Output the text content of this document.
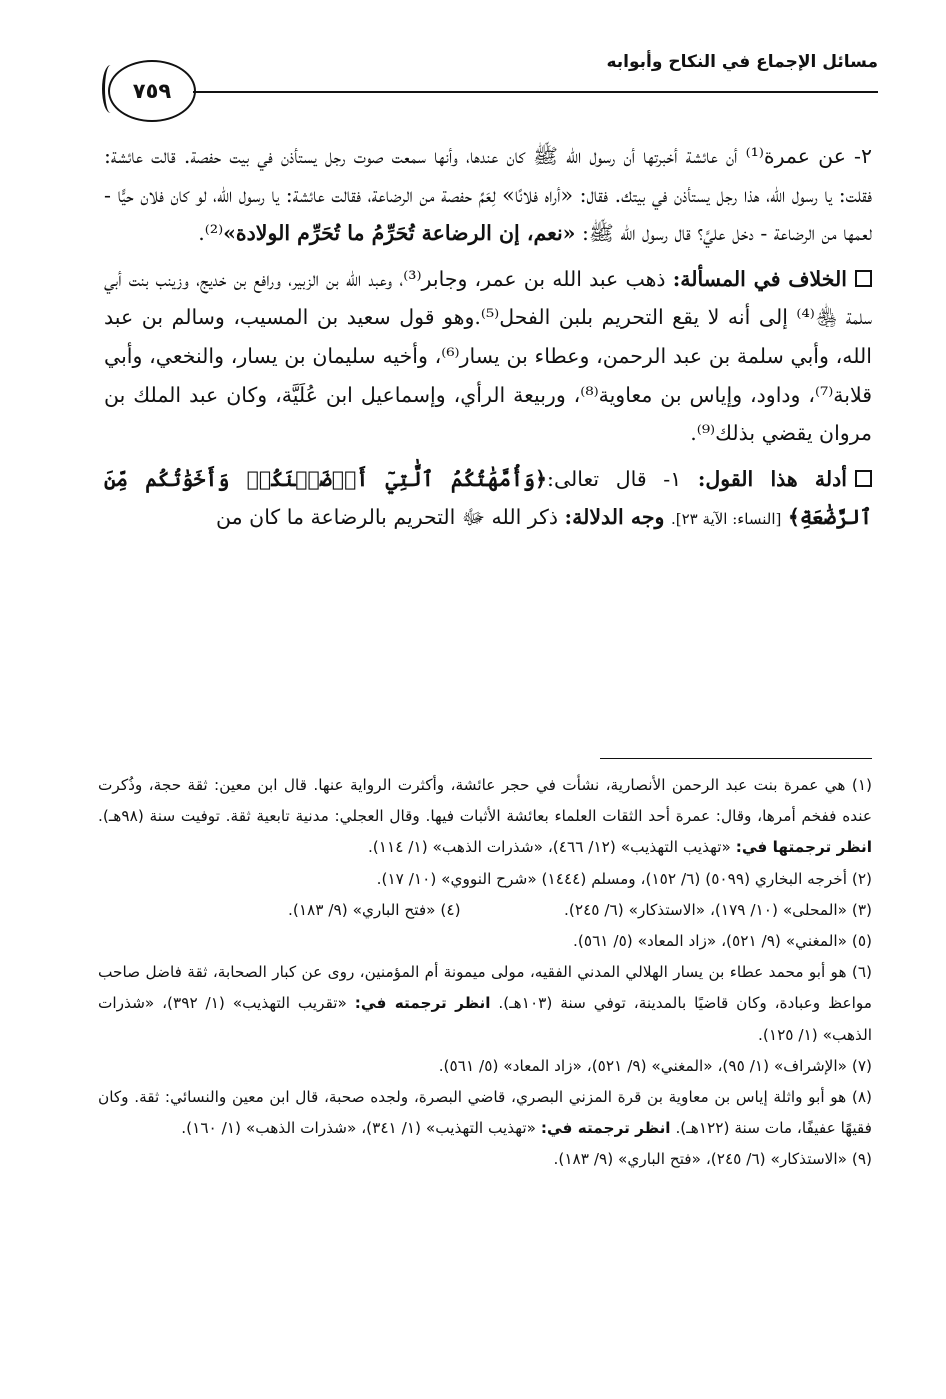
مسائل الإجماع في النكاح وأبوابه
٧٥٩

٢- عن عمرة⁽¹⁾ أن عائشة أخبرتها أن رسول الله ﷺ كان عندها، وأنها سمعت صوت رجل يستأذن في بيت حفصة. قالت عائشة: فقلت: يا رسول الله، هذا رجل يستأذن في بيتك. فقال: «أراه فلانًا» لِعَمِّ حفصة من الرضاعة، فقالت عائشة: يا رسول الله، لو كان فلان حيًّا - لعمها من الرضاعة - دخل عليَّ؟ قال رسول الله ﷺ: «نعم، إن الرضاعة تُحَرِّمُ ما تُحَرِّم الولادة»⁽²⁾.

الخلاف في المسألة: ذهب عبد الله بن عمر، وجابر⁽³⁾، وعبد الله بن الزبير، ورافع بن خديج، وزينب بنت أبي سلمة ﵃⁽⁴⁾ إلى أنه لا يقع التحريم بلبن الفحل⁽⁵⁾.وهو قول سعيد بن المسيب، وسالم بن عبد الله، وأبي سلمة بن عبد الرحمن، وعطاء بن يسار⁽⁶⁾، وأخيه سليمان بن يسار، والنخعي، وأبي قلابة⁽⁷⁾، وداود، وإياس بن معاوية⁽⁸⁾، وربيعة الرأي، وإسماعيل ابن عُلَيَّة، وكان عبد الملك بن مروان يقضي بذلك⁽⁹⁾.

أدلة هذا القول: ١- قال تعالى:﴿وَأُمَّهَٰتُكُمُ ٱلَّٰتِيٓ أَرۡضَعۡنَكُمۡ وَأَخَوَٰتُكُم مِّنَ ٱلرَّضَٰعَةِ﴾ [النساء: الآية ٢٣]. وجه الدلالة: ذكر الله ﷻ التحريم بالرضاعة ما كان من

(١) هي عمرة بنت عبد الرحمن الأنصارية، نشأت في حجر عائشة، وأكثرت الرواية عنها. قال ابن معين: ثقة حجة، وذُكرت عنده ففخم أمرها، وقال: عمرة أحد الثقات العلماء بعائشة الأثبات فيها. وقال العجلي: مدنية تابعية ثقة. توفيت سنة (٩٨هـ). انظر ترجمتها في: «تهذيب التهذيب» (١٢/ ٤٦٦)، «شذرات الذهب» (١/ ١١٤).

(٢) أخرجه البخاري (٥٠٩٩) (٦/ ١٥٢)، ومسلم (١٤٤٤) «شرح النووي» (١٠/ ١٧).

(٣) «المحلى» (١٠/ ١٧٩)، «الاستذكار» (٦/ ٢٤٥).

(٤) «فتح الباري» (٩/ ١٨٣).

(٥) «المغني» (٩/ ٥٢١)، «زاد المعاد» (٥/ ٥٦١).

(٦) هو أبو محمد عطاء بن يسار الهلالي المدني الفقيه، مولى ميمونة أم المؤمنين، روى عن كبار الصحابة، ثقة فاضل صاحب مواعظ وعبادة، وكان قاضيًا بالمدينة، توفي سنة (١٠٣هـ). انظر ترجمته في: «تقريب التهذيب» (١/ ٣٩٢)، «شذرات الذهب» (١/ ١٢٥).

(٧) «الإشراف» (١/ ٩٥)، «المغني» (٩/ ٥٢١)، «زاد المعاد» (٥/ ٥٦١).

(٨) هو أبو واثلة إياس بن معاوية بن قرة المزني البصري، قاضي البصرة، ولجده صحبة، قال ابن معين والنسائي: ثقة. وكان فقيهًا عفيفًا، مات سنة (١٢٢هـ). انظر ترجمته في: «تهذيب التهذيب» (١/ ٣٤١)، «شذرات الذهب» (١/ ١٦٠).

(٩) «الاستذكار» (٦/ ٢٤٥)، «فتح الباري» (٩/ ١٨٣).
